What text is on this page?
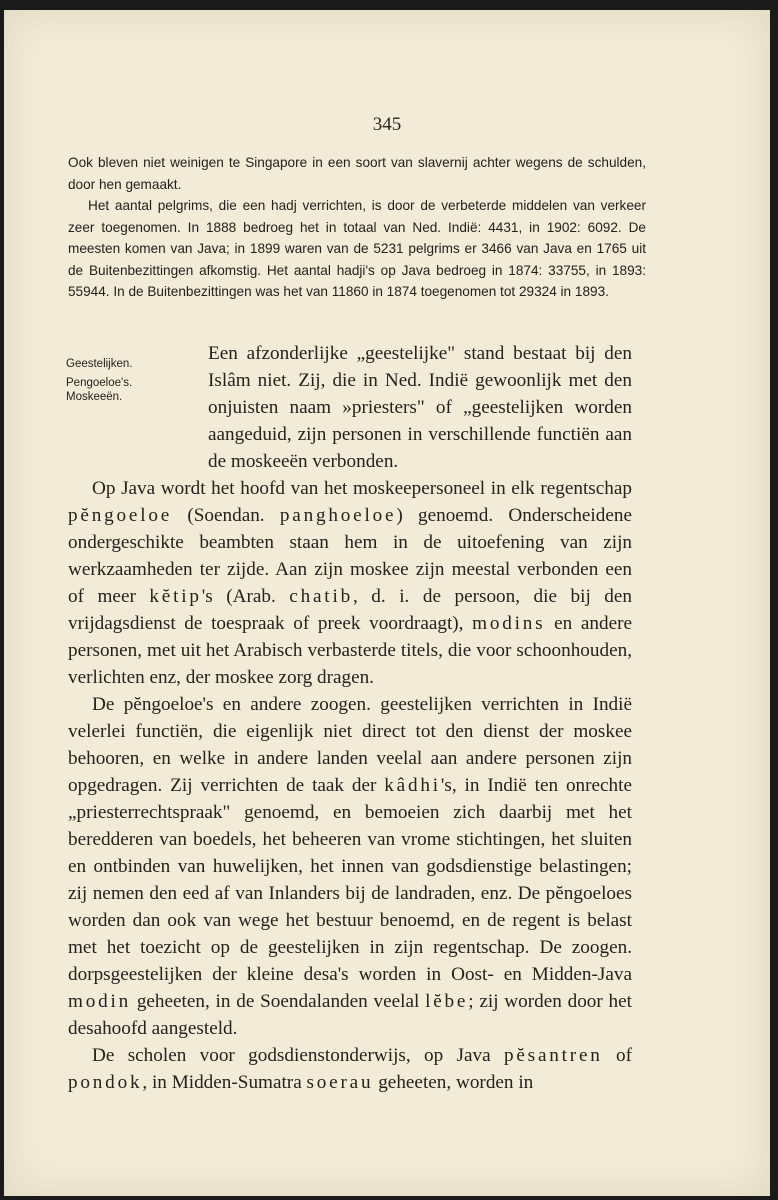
345

Ook bleven niet weinigen te Singapore in een soort van slavernij achter wegens de schulden, door hen gemaakt.

Het aantal pelgrims, die een hadj verrichten, is door de verbeterde middelen van verkeer zeer toegenomen. In 1888 bedroeg het in totaal van Ned. Indië: 4431, in 1902: 6092. De meesten komen van Java; in 1899 waren van de 5231 pelgrims er 3466 van Java en 1765 uit de Buitenbezittingen afkomstig. Het aantal hadji's op Java bedroeg in 1874: 33755, in 1893: 55944. In de Buitenbezittingen was het van 11860 in 1874 toegenomen tot 29324 in 1893.

Geestelijken.
Pengoeloe's.
Moskeeën.

Een afzonderlijke „geestelijke" stand bestaat bij den Islâm niet. Zij, die in Ned. Indië gewoonlijk met den onjuisten naam »priesters" of „geestelijken worden aangeduid, zijn personen in verschillende functiën aan de moskeeën verbonden.

Op Java wordt het hoofd van het moskeepersoneel in elk regentschap pĕngoeloe (Soendan. panghoeloe) genoemd. Onderscheidene ondergeschikte beambten staan hem in de uitoefening van zijn werkzaamheden ter zijde. Aan zijn moskee zijn meestal verbonden een of meer kĕtip's (Arab. chatib, d. i. de persoon, die bij den vrijdagsdienst de toespraak of preek voordraagt), modins en andere personen, met uit het Arabisch verbasterde titels, die voor schoonhouden, verlichten enz, der moskee zorg dragen.

De pĕngoeloe's en andere zoogen. geestelijken verrichten in Indië velerlei functiën, die eigenlijk niet direct tot den dienst der moskee behooren, en welke in andere landen veelal aan andere personen zijn opgedragen. Zij verrichten de taak der kâdhi's, in Indië ten onrechte „priesterrechtspraak" genoemd, en bemoeien zich daarbij met het beredderen van boedels, het beheeren van vrome stichtingen, het sluiten en ontbinden van huwelijken, het innen van godsdienstige belastingen; zij nemen den eed af van Inlanders bij de landraden, enz. De pĕngoeloes worden dan ook van wege het bestuur benoemd, en de regent is belast met het toezicht op de geestelijken in zijn regentschap. De zoogen. dorpsgeestelijken der kleine desa's worden in Oost- en Midden-Java modin geheeten, in de Soendalanden veelal lĕbe; zij worden door het desahoofd aangesteld.

De scholen voor godsdienstonderwijs, op Java pĕsantren of pondok, in Midden-Sumatra soerau geheeten, worden in
